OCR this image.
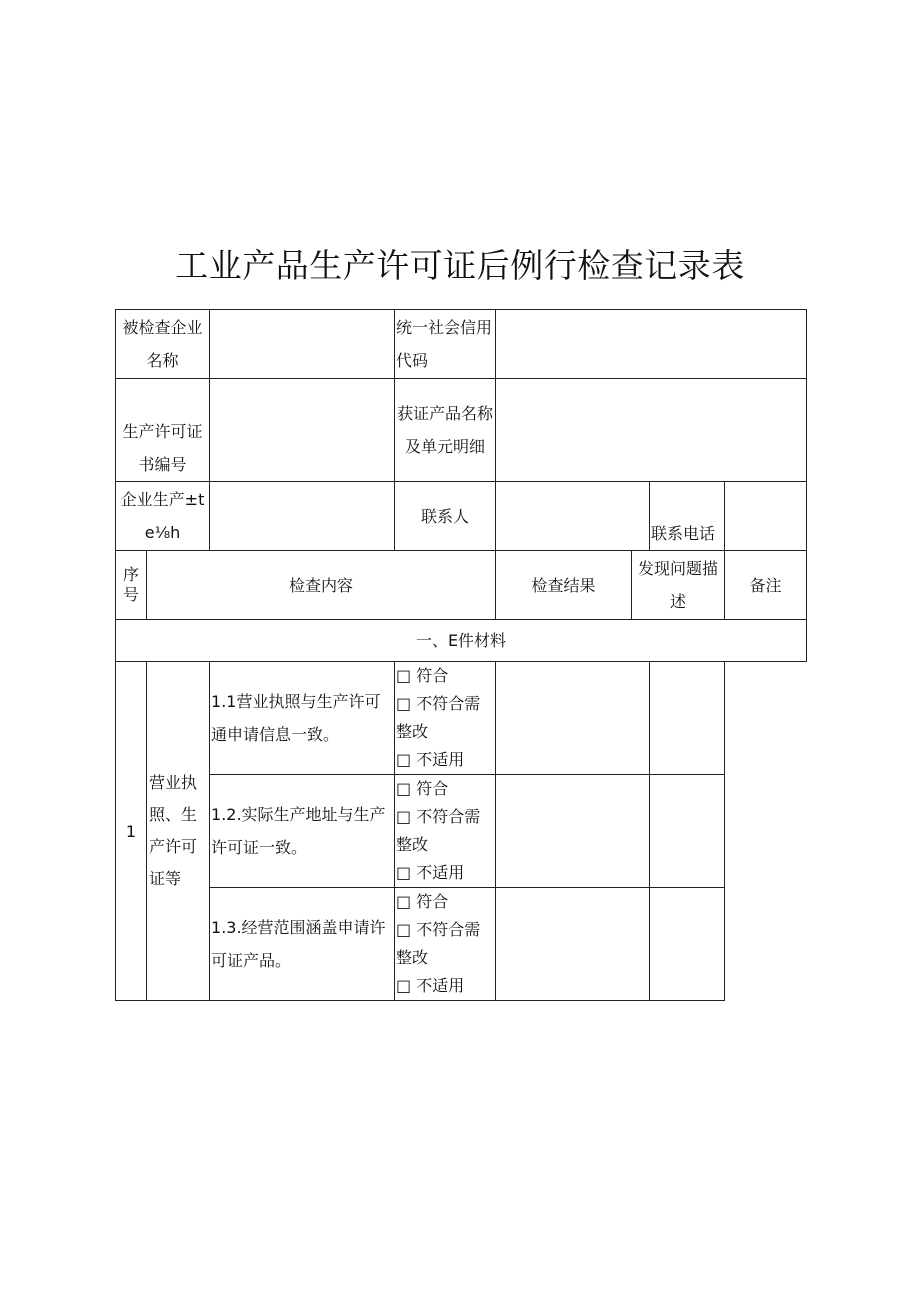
工业产品生产许可证后例行检查记录表
被检查企业名称			统一社会信用代码				
生产许可证书编号			获证产品名称及单元明细				
企业生产±te⅛h			联系人			联系电话	
序号	检查内容			检查结果	发现问题描述		备注
一、E件材料							
1	营业执照、生产许可证等	1.1营业执照与生产许可通申请信息一致。	□ 符合
□ 不符合需整改
□ 不适用				

		1.2.实际生产地址与生产许可证一致。	□ 符合
□ 不符合需整改
□ 不适用				

		1.3.经营范围涵盖申请许可证产品。	□ 符合
□ 不符合需整改
□ 不适用				
